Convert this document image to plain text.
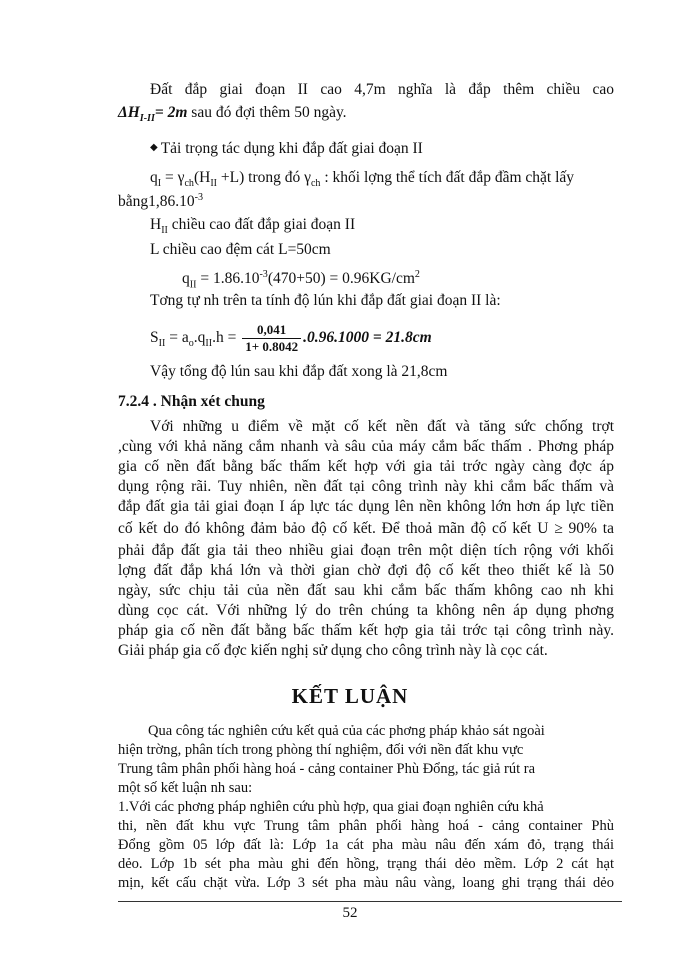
Đất đắp giai đoạn II cao 4,7m nghĩa là đắp thêm chiều cao
$\Delta H_{I-II}= 2m$ sau đó đợi thêm 50 ngày.
◆ Tải trọng tác dụng khi đắp đất giai đoạn II
$q_I = \gamma_{ch}(H_{II} +L)$ trong đó $\gamma_{ch}$ : khối lợng thể tích đất đắp đầm chặt lấy
$bằng1,86.10^{-3}$
$H_{II}$ chiều cao đất đắp giai đoạn II
L chiều cao đệm cát L=50cm
$q_{II} = 1.86.10^{-3}(470+50) = 0.96KG/cm^2$
Tơng tự nh trên ta tính độ lún khi đắp đất giai đoạn II là:
$S_{II} = a_o.q_{II}.h = \frac{0,041}{1+ 0.8042} .0.96.1000 = 21.8cm$
Vậy tổng độ lún sau khi đắp đất xong là 21,8cm
7.2.4 . Nhận xét chung
Với những u điểm về mặt cố kết nền đất và tăng sức chống trợt
,cùng với khả năng cắm nhanh và sâu của máy cắm bấc thấm . Phơng pháp
gia cố nền đất bằng bấc thấm kết hợp với gia tải trớc ngày càng đợc áp
dụng rộng rãi. Tuy nhiên, nền đất tại công trình này khi cắm bấc thấm và
đắp đất gia tải giai đoạn I áp lực tác dụng lên nền không lớn hơn áp lực tiền
cố kết do đó không đảm bảo độ cố kết. Để thoả mãn độ cố kết U ≥ 90% ta
phải đắp đất gia tải theo nhiều giai đoạn trên một diện tích rộng với khối
lợng đất đắp khá lớn và thời gian chờ đợi độ cố kết theo thiết kế là 50
ngày, sức chịu tải của nền đất sau khi cắm bấc thấm không cao nh khi
dùng cọc cát. Với những lý do trên chúng ta không nên áp dụng phơng
pháp gia cố nền đất bằng bấc thấm kết hợp gia tải trớc tại công trình này.
Giải pháp gia cố đợc kiến nghị sử dụng cho công trình này là cọc cát.
KẾT LUẬN
Qua công tác nghiên cứu kết quả của các phơng pháp khảo sát ngoài
hiện trờng, phân tích trong phòng thí nghiệm, đối với nền đất khu vực
Trung tâm phân phối hàng hoá - cảng container Phù Đổng, tác giả rút ra
một số kết luận nh sau:
1.Với các phơng pháp nghiên cứu phù hợp, qua giai đoạn nghiên cứu khả
thi, nền đất khu vực Trung tâm phân phối hàng hoá - cảng container Phù
Đổng gồm 05 lớp đất là: Lớp 1a cát pha màu nâu đến xám đỏ, trạng thái
dẻo. Lớp 1b sét pha màu ghi đến hồng, trạng thái dẻo mềm. Lớp 2 cát hạt
mịn, kết cấu chặt vừa. Lớp 3 sét pha màu nâu vàng, loang ghi trạng thái dẻo
52
